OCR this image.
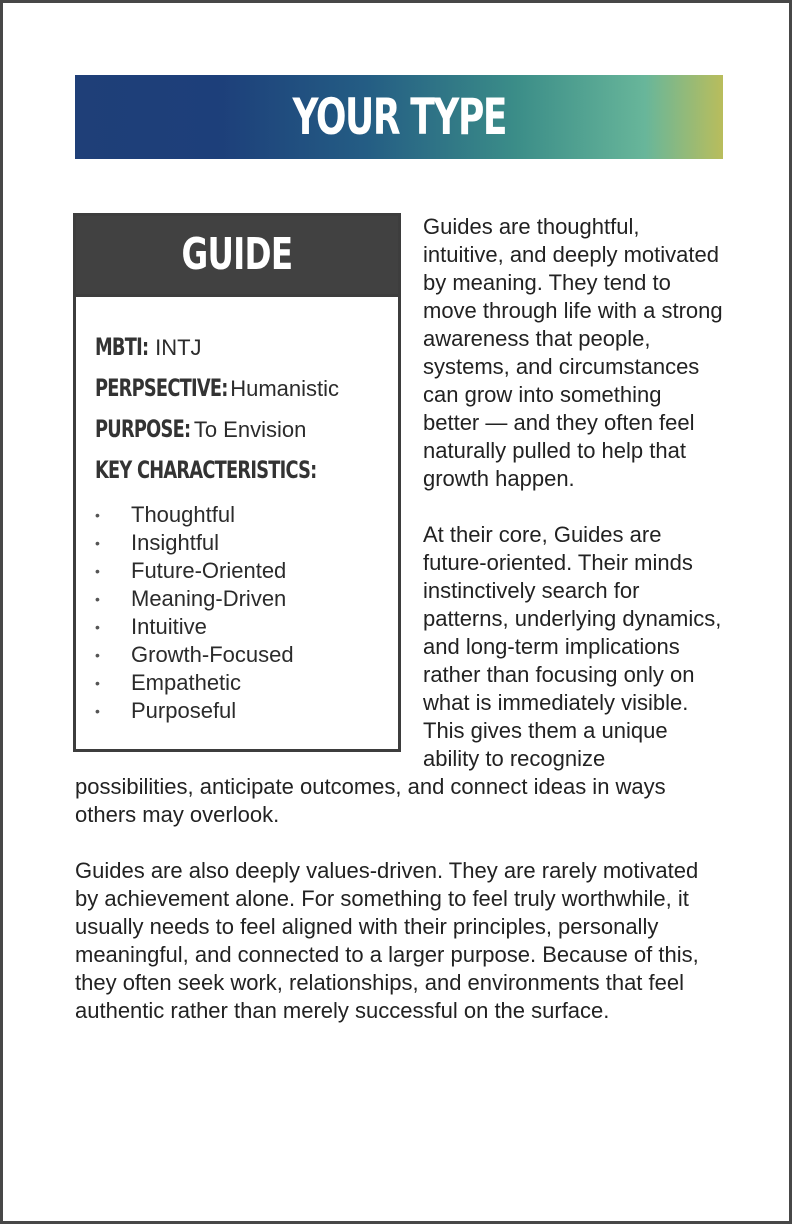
YOUR TYPE
GUIDE
MBTI: INTJ
PERPSECTIVE: Humanistic
PURPOSE: To Envision
KEY CHARACTERISTICS:
• Thoughtful
• Insightful
• Future-Oriented
• Meaning-Driven
• Intuitive
• Growth-Focused
• Empathetic
• Purposeful

Guides are thoughtful, intuitive, and deeply motivated by meaning. They tend to move through life with a strong awareness that people, systems, and circumstances can grow into something better — and they often feel naturally pulled to help that growth happen.

At their core, Guides are future-oriented. Their minds instinctively search for patterns, underlying dynamics, and long-term implications rather than focusing only on what is immediately visible. This gives them a unique ability to recognize possibilities, anticipate outcomes, and connect ideas in ways others may overlook.

Guides are also deeply values-driven. They are rarely motivated by achievement alone. For something to feel truly worthwhile, it usually needs to feel aligned with their principles, personally meaningful, and connected to a larger purpose. Because of this, they often seek work, relationships, and environments that feel authentic rather than merely successful on the surface.
